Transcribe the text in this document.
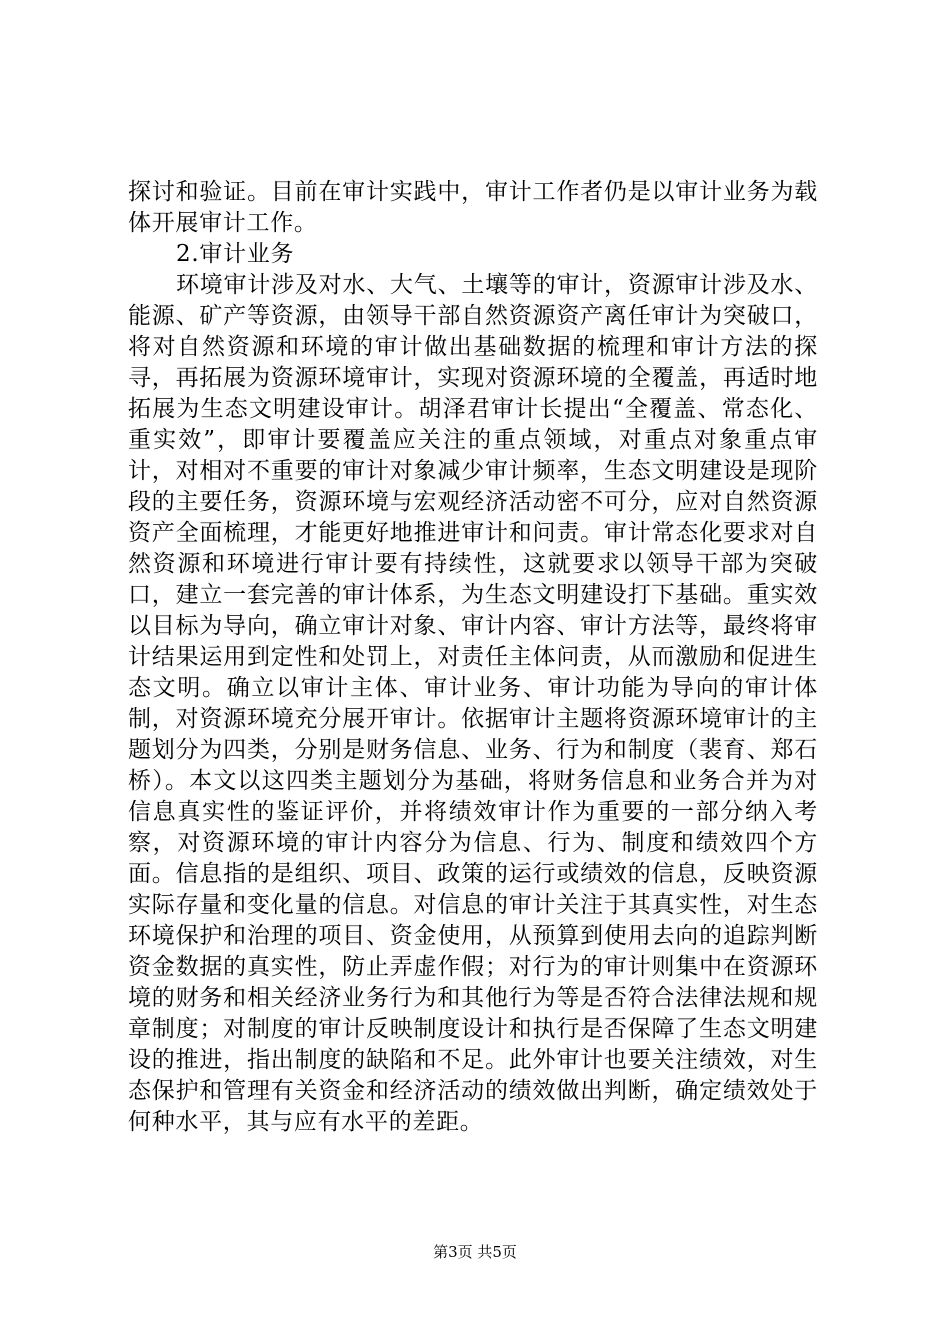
探讨和验证。目前在审计实践中，审计工作者仍是以审计业务为载体开展审计工作。

2.审计业务

环境审计涉及对水、大气、土壤等的审计，资源审计涉及水、能源、矿产等资源，由领导干部自然资源资产离任审计为突破口，将对自然资源和环境的审计做出基础数据的梳理和审计方法的探寻，再拓展为资源环境审计，实现对资源环境的全覆盖，再适时地拓展为生态文明建设审计。胡泽君审计长提出“全覆盖、常态化、重实效”，即审计要覆盖应关注的重点领域，对重点对象重点审计，对相对不重要的审计对象减少审计频率，生态文明建设是现阶段的主要任务，资源环境与宏观经济活动密不可分，应对自然资源资产全面梳理，才能更好地推进审计和问责。审计常态化要求对自然资源和环境进行审计要有持续性，这就要求以领导干部为突破口，建立一套完善的审计体系，为生态文明建设打下基础。重实效以目标为导向，确立审计对象、审计内容、审计方法等，最终将审计结果运用到定性和处罚上，对责任主体问责，从而激励和促进生态文明。确立以审计主体、审计业务、审计功能为导向的审计体制，对资源环境充分展开审计。依据审计主题将资源环境审计的主题划分为四类，分别是财务信息、业务、行为和制度（裴育、郑石桥）。本文以这四类主题划分为基础，将财务信息和业务合并为对信息真实性的鉴证评价，并将绩效审计作为重要的一部分纳入考察，对资源环境的审计内容分为信息、行为、制度和绩效四个方面。信息指的是组织、项目、政策的运行或绩效的信息，反映资源实际存量和变化量的信息。对信息的审计关注于其真实性，对生态环境保护和治理的项目、资金使用，从预算到使用去向的追踪判断资金数据的真实性，防止弄虚作假；对行为的审计则集中在资源环境的财务和相关经济业务行为和其他行为等是否符合法律法规和规章制度；对制度的审计反映制度设计和执行是否保障了生态文明建设的推进，指出制度的缺陷和不足。此外审计也要关注绩效，对生态保护和管理有关资金和经济活动的绩效做出判断，确定绩效处于何种水平，其与应有水平的差距。

第3页 共5页
